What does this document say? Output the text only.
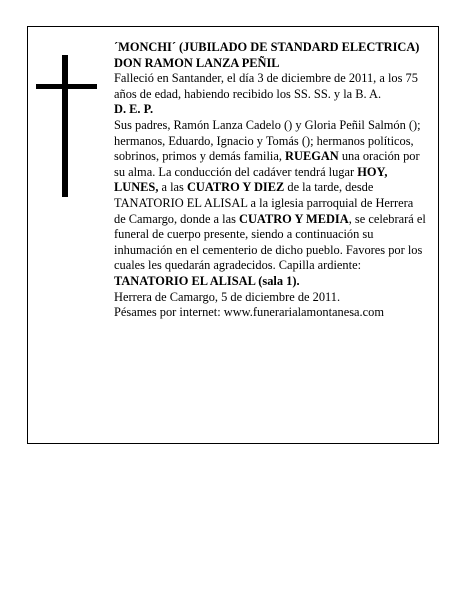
´MONCHI´ (JUBILADO DE STANDARD ELECTRICA)

DON RAMON LANZA PEÑIL

Falleció en Santander, el día 3 de diciembre de 2011, a los 75 años de edad, habiendo recibido los SS. SS. y la B. A.

D. E. P.

Sus padres, Ramón Lanza Cadelo () y Gloria Peñil Salmón (); hermanos, Eduardo, Ignacio y Tomás (); hermanos políticos, sobrinos, primos y demás familia, RUEGAN una oración por su alma. La conducción del cadáver tendrá lugar HOY, LUNES, a las CUATRO Y DIEZ de la tarde, desde TANATORIO EL ALISAL a la iglesia parroquial de Herrera de Camargo, donde a las CUATRO Y MEDIA, se celebrará el funeral de cuerpo presente, siendo a continuación su inhumación en el cementerio de dicho pueblo. Favores por los cuales les quedarán agradecidos. Capilla ardiente: TANATORIO EL ALISAL (sala 1).

Herrera de Camargo, 5 de diciembre de 2011.

Pésames por internet: www.funerarialamontanesa.com
